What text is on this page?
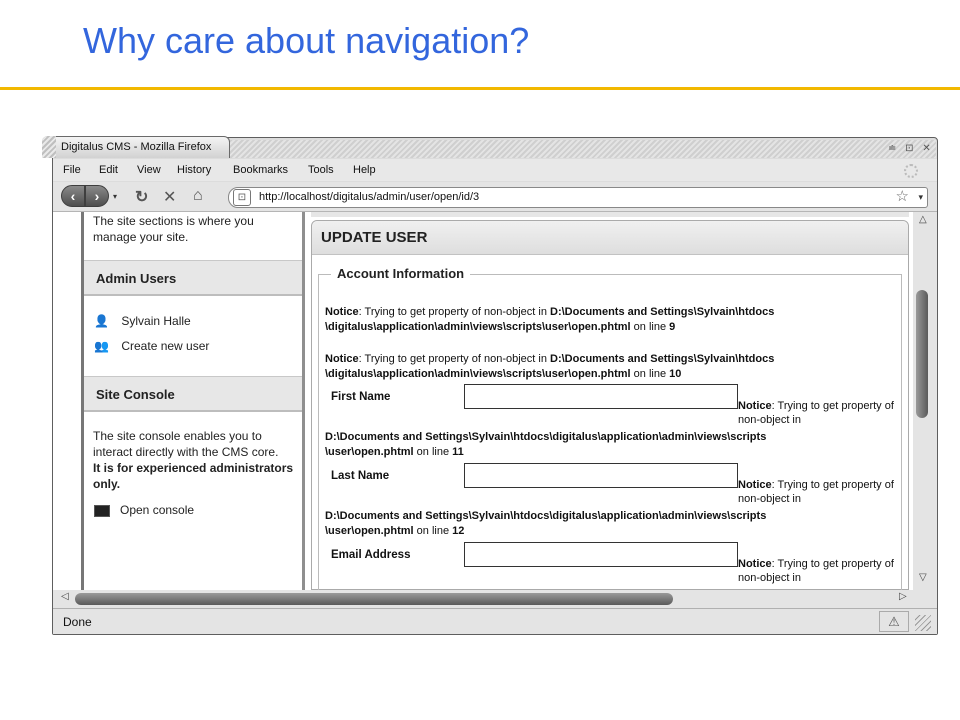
Why care about navigation?
Digitalus CMS - Mozilla Firefox	≐ ⊡ ✕
File Edit View History Bookmarks Tools Help
‹	›	▾ ↻ ✕ ⌂	⊡	http://localhost/digitalus/admin/user/open/id/3	☆ ▾
The site sections is where you manage your site.
Admin Users
👤 Sylvain Halle
👥 Create new user
Site Console
The site console enables you to interact directly with the CMS core.
It is for experienced administrators only.
Open console
UPDATE USER
Account Information
Notice: Trying to get property of non-object in D:\Documents and Settings\Sylvain\htdocs
\digitalus\application\admin\views\scripts\user\open.phtml on line 9
Notice: Trying to get property of non-object in D:\Documents and Settings\Sylvain\htdocs
\digitalus\application\admin\views\scripts\user\open.phtml on line 10
First Name
Notice: Trying to get property of non-object in
D:\Documents and Settings\Sylvain\htdocs\digitalus\application\admin\views\scripts
\user\open.phtml on line 11
Last Name
Notice: Trying to get property of non-object in
D:\Documents and Settings\Sylvain\htdocs\digitalus\application\admin\views\scripts
\user\open.phtml on line 12
Email Address
Notice: Trying to get property of non-object in
△
▽
◁	▷
Done	⚠
